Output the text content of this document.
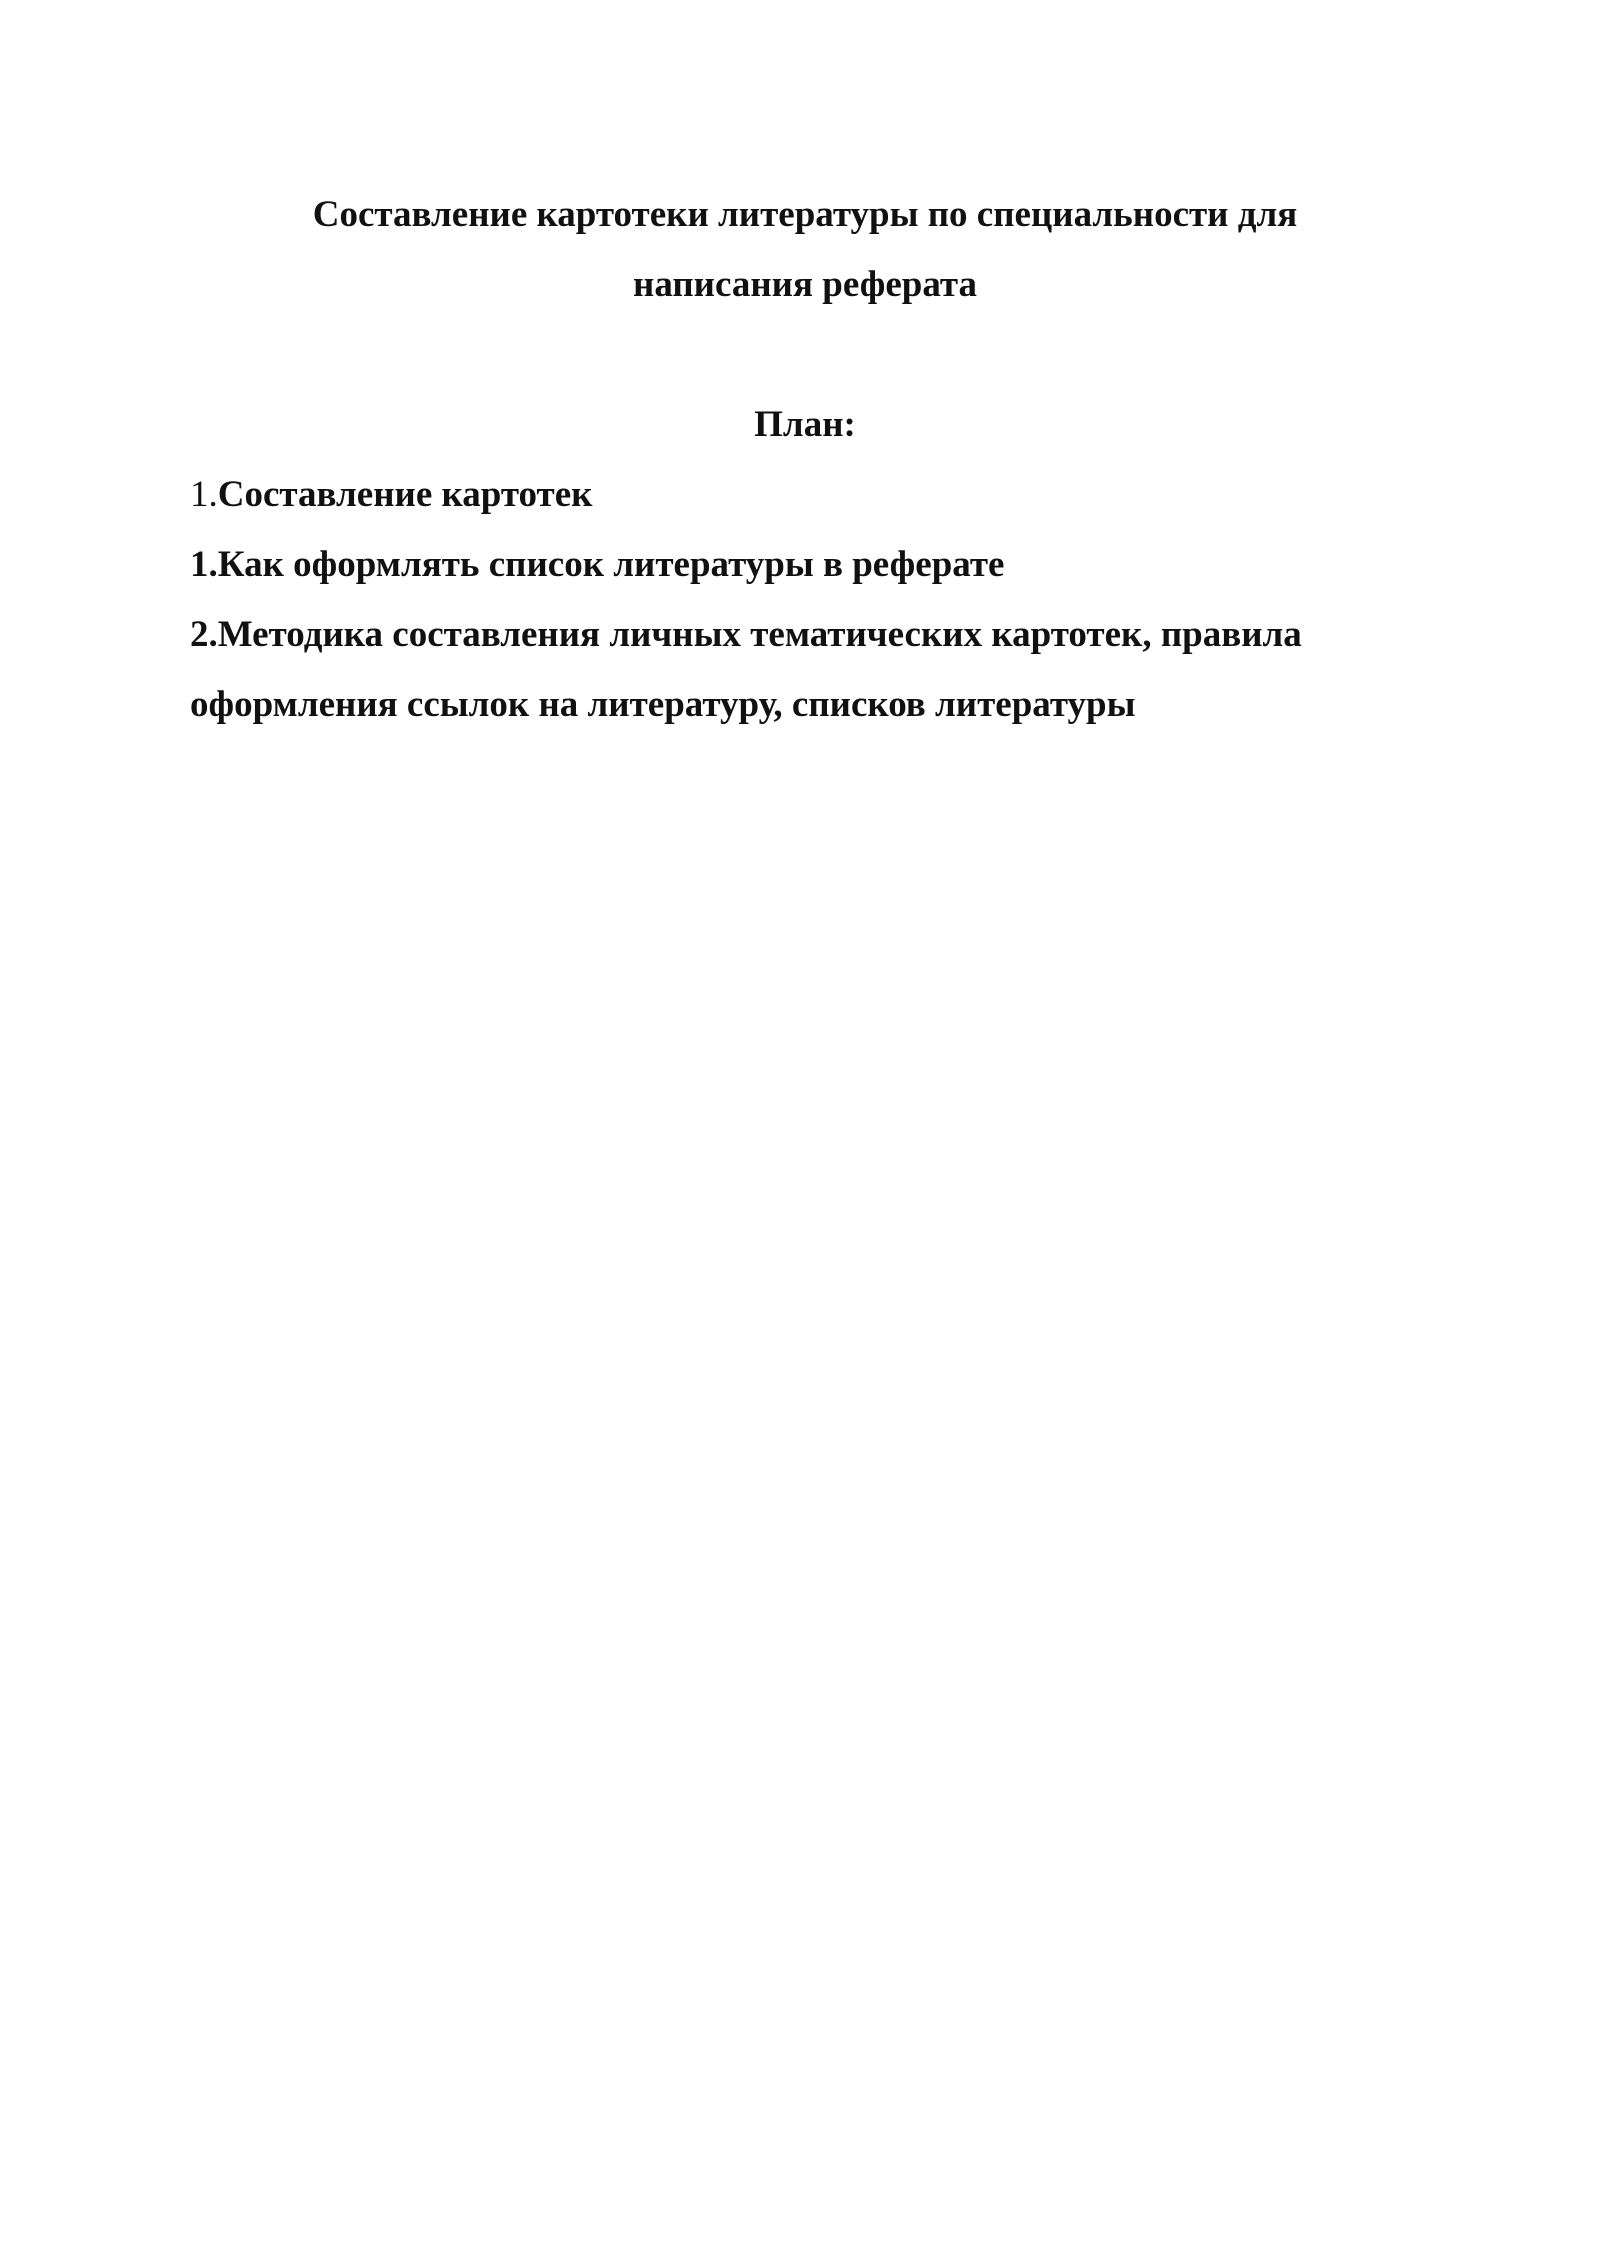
Составление картотеки литературы по специальности для
написания реферата
План:
1.Составление картотек
1.Как оформлять список литературы в реферате
2.Методика составления личных тематических картотек, правила оформления ссылок на литературу, списков литературы
